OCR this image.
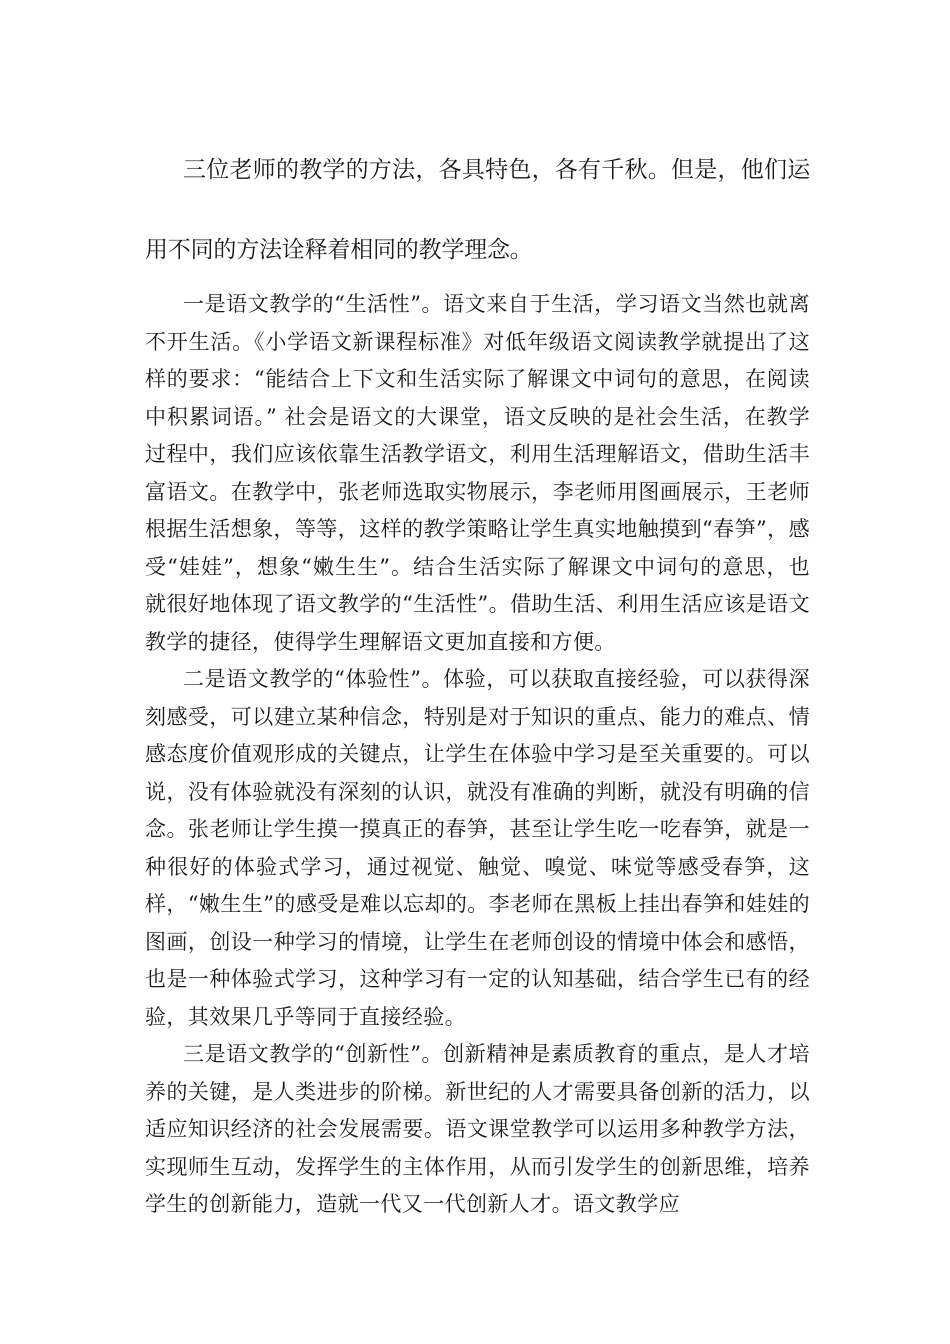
三位老师的教学的方法，各具特色，各有千秋。但是，他们运用不同的方法诠释着相同的教学理念。

一是语文教学的“生活性”。语文来自于生活，学习语文当然也就离不开生活。《小学语文新课程标准》对低年级语文阅读教学就提出了这样的要求：“能结合上下文和生活实际了解课文中词句的意思，在阅读中积累词语。” 社会是语文的大课堂，语文反映的是社会生活，在教学过程中，我们应该依靠生活教学语文，利用生活理解语文，借助生活丰富语文。在教学中，张老师选取实物展示，李老师用图画展示，王老师根据生活想象，等等，这样的教学策略让学生真实地触摸到“春笋”，感受“娃娃”，想象“嫩生生”。结合生活实际了解课文中词句的意思，也就很好地体现了语文教学的“生活性”。借助生活、利用生活应该是语文教学的捷径，使得学生理解语文更加直接和方便。

二是语文教学的“体验性”。体验，可以获取直接经验，可以获得深刻感受，可以建立某种信念，特别是对于知识的重点、能力的难点、情感态度价值观形成的关键点，让学生在体验中学习是至关重要的。可以说，没有体验就没有深刻的认识，就没有准确的判断，就没有明确的信念。张老师让学生摸一摸真正的春笋，甚至让学生吃一吃春笋，就是一种很好的体验式学习，通过视觉、触觉、嗅觉、味觉等感受春笋，这样，“嫩生生”的感受是难以忘却的。李老师在黑板上挂出春笋和娃娃的图画，创设一种学习的情境，让学生在老师创设的情境中体会和感悟，也是一种体验式学习，这种学习有一定的认知基础，结合学生已有的经验，其效果几乎等同于直接经验。

三是语文教学的“创新性”。创新精神是素质教育的重点，是人才培养的关键，是人类进步的阶梯。新世纪的人才需要具备创新的活力，以适应知识经济的社会发展需要。语文课堂教学可以运用多种教学方法，实现师生互动，发挥学生的主体作用，从而引发学生的创新思维，培养学生的创新能力，造就一代又一代创新人才。语文教学应
